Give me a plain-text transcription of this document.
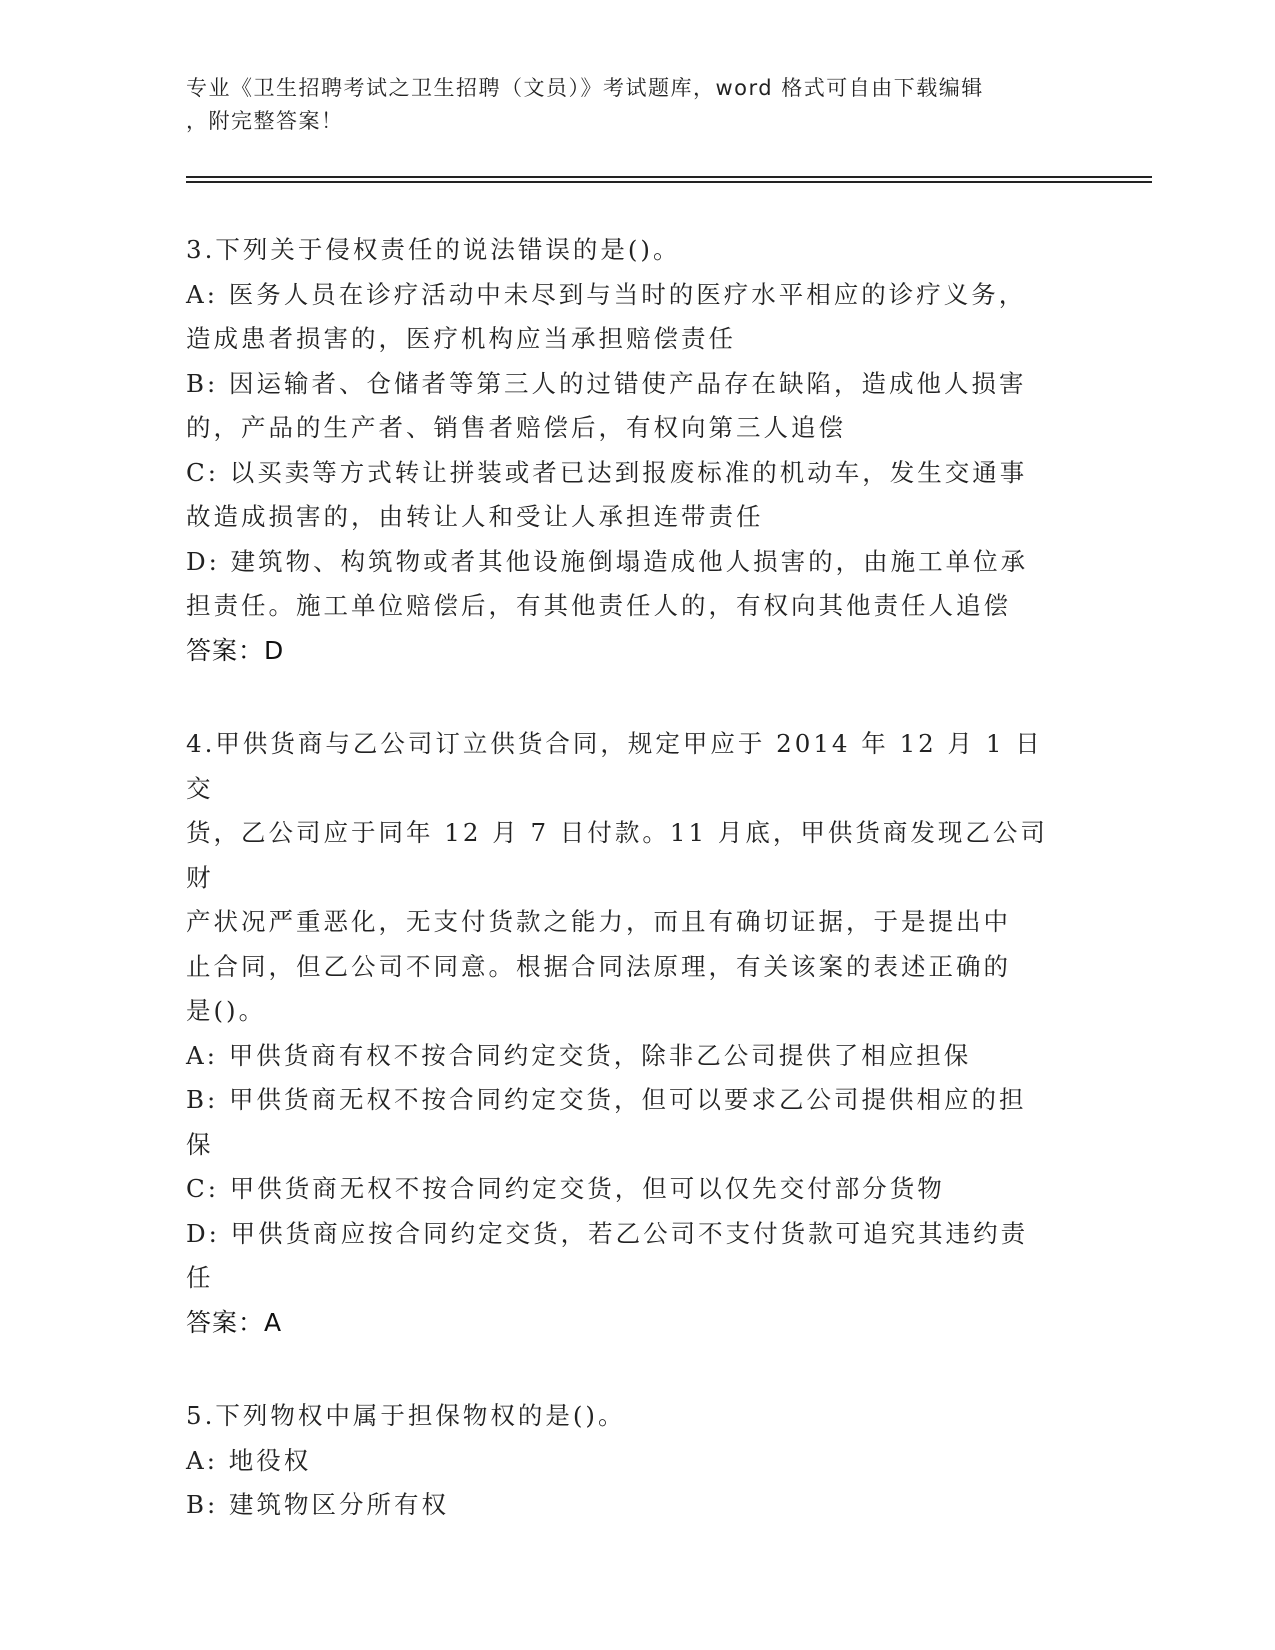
专业《卫生招聘考试之卫生招聘（文员）》考试题库，word 格式可自由下载编辑
，附完整答案！

3.下列关于侵权责任的说法错误的是()。

A: 医务人员在诊疗活动中未尽到与当时的医疗水平相应的诊疗义务，

造成患者损害的，医疗机构应当承担赔偿责任

B: 因运输者、仓储者等第三人的过错使产品存在缺陷，造成他人损害

的，产品的生产者、销售者赔偿后，有权向第三人追偿

C: 以买卖等方式转让拼装或者已达到报废标准的机动车，发生交通事

故造成损害的，由转让人和受让人承担连带责任

D: 建筑物、构筑物或者其他设施倒塌造成他人损害的，由施工单位承

担责任。施工单位赔偿后，有其他责任人的，有权向其他责任人追偿

答案：D

4.甲供货商与乙公司订立供货合同，规定甲应于 2014 年 12 月 1 日交

货，乙公司应于同年 12 月 7 日付款。11 月底，甲供货商发现乙公司财

产状况严重恶化，无支付货款之能力，而且有确切证据，于是提出中

止合同，但乙公司不同意。根据合同法原理，有关该案的表述正确的

是()。

A: 甲供货商有权不按合同约定交货，除非乙公司提供了相应担保

B: 甲供货商无权不按合同约定交货，但可以要求乙公司提供相应的担

保

C: 甲供货商无权不按合同约定交货，但可以仅先交付部分货物

D: 甲供货商应按合同约定交货，若乙公司不支付货款可追究其违约责

任

答案：A

5.下列物权中属于担保物权的是()。

A: 地役权

B: 建筑物区分所有权
